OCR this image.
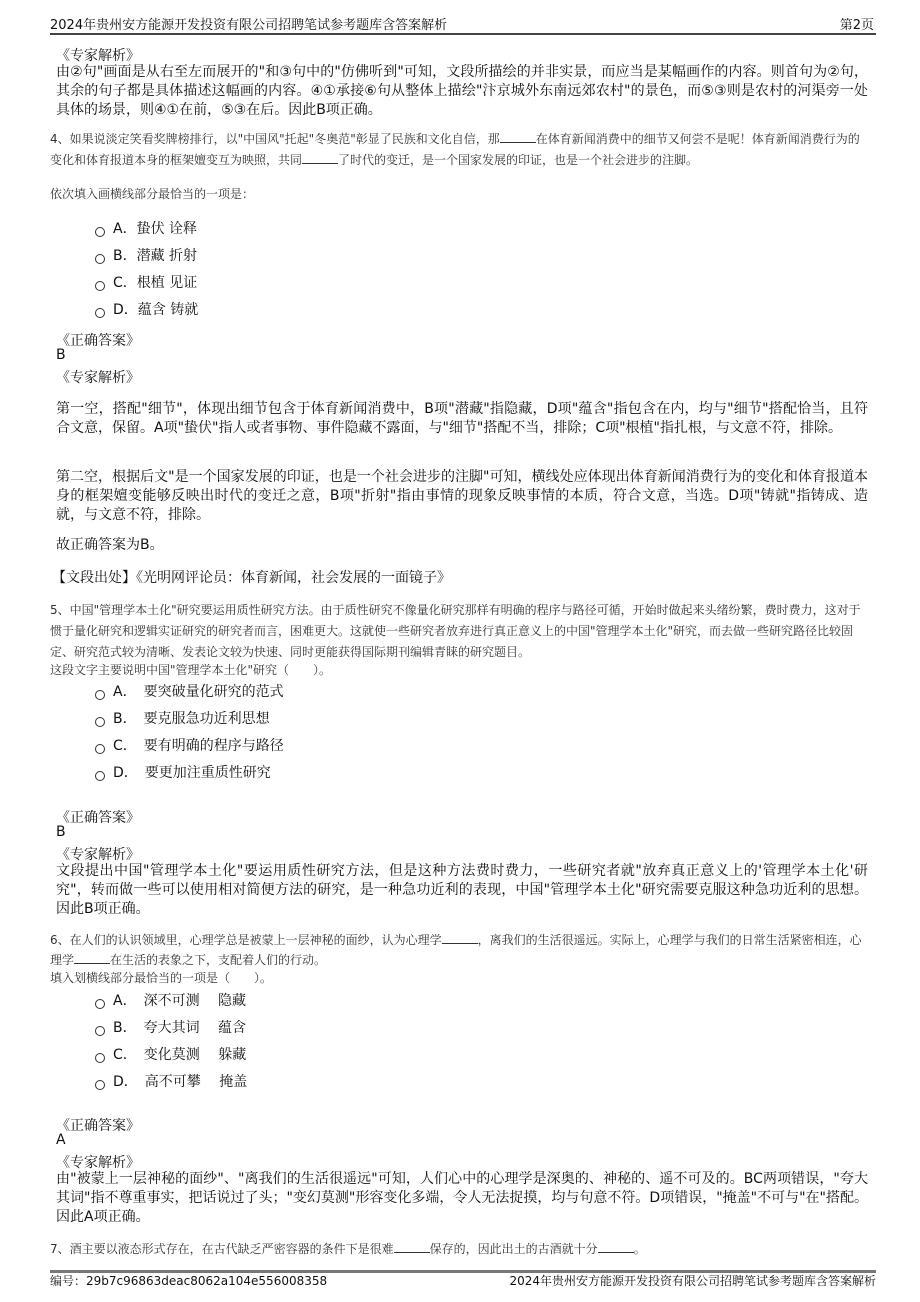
2024年贵州安方能源开发投资有限公司招聘笔试参考题库含答案解析	第2页
《专家解析》
由②句"画面是从右至左而展开的"和③句中的"仿佛听到"可知，文段所描绘的并非实景，而应当是某幅画作的内容。则首句为②句，其余的句子都是具体描述这幅画的内容。④①承接⑥句从整体上描绘"汴京城外东南远郊农村"的景色，而⑤③则是农村的河渠旁一处具体的场景，则④①在前，⑤③在后。因此B项正确。
4、如果说淡定笑看奖牌榜排行，以"中国风"托起"冬奥范"彰显了民族和文化自信，那	在体育新闻消费中的细节又何尝不是呢！体育新闻消费行为的变化和体育报道本身的框架嬗变互为映照，共同	了时代的变迁，是一个国家发展的印证，也是一个社会进步的注脚。
依次填入画横线部分最恰当的一项是：
A．蛰伏 诠释
B．潜藏 折射
C．根植 见证
D．蕴含 铸就
《正确答案》
B
《专家解析》
第一空，搭配"细节"，体现出细节包含于体育新闻消费中，B项"潜藏"指隐藏，D项"蕴含"指包含在内，均与"细节"搭配恰当，且符合文意，保留。A项"蛰伏"指人或者事物、事件隐藏不露面，与"细节"搭配不当，排除；C项"根植"指扎根，与文意不符，排除。
第二空，根据后文"是一个国家发展的印证，也是一个社会进步的注脚"可知，横线处应体现出体育新闻消费行为的变化和体育报道本身的框架嬗变能够反映出时代的变迁之意，B项"折射"指由事情的现象反映事情的本质，符合文意，当选。D项"铸就"指铸成、造就，与文意不符，排除。
故正确答案为B。
【文段出处】《光明网评论员：体育新闻，社会发展的一面镜子》
5、中国"管理学本土化"研究要运用质性研究方法。由于质性研究不像量化研究那样有明确的程序与路径可循，开始时做起来头绪纷繁，费时费力，这对于惯于量化研究和逻辑实证研究的研究者而言，困难更大。这就使一些研究者放弃进行真正意义上的中国"管理学本土化"研究，而去做一些研究路径比较固定、研究范式较为清晰、发表论文较为快速、同时更能获得国际期刊编辑青睐的研究题目。
这段文字主要说明中国"管理学本土化"研究（　　）。
A．　要突破量化研究的范式
B．　要克服急功近利思想
C．　要有明确的程序与路径
D．　要更加注重质性研究
《正确答案》
B
《专家解析》
文段提出中国"管理学本土化"要运用质性研究方法，但是这种方法费时费力，一些研究者就"放弃真正意义上的'管理学本土化'研究"，转而做一些可以使用相对简便方法的研究，是一种急功近利的表现，中国"管理学本土化"研究需要克服这种急功近利的思想。因此B项正确。
6、在人们的认识领域里，心理学总是被蒙上一层神秘的面纱，认为心理学	，离我们的生活很遥远。实际上，心理学与我们的日常生活紧密相连，心理学	在生活的表象之下，支配着人们的行动。
填入划横线部分最恰当的一项是（　　）。
A．　深不可测　 隐藏
B．　夸大其词　 蕴含
C．　变化莫测　 躲藏
D．　高不可攀　 掩盖
《正确答案》
A
《专家解析》
由"被蒙上一层神秘的面纱"、"离我们的生活很遥远"可知，人们心中的心理学是深奥的、神秘的、遥不可及的。BC两项错误，"夸大其词"指不尊重事实，把话说过了头；"变幻莫测"形容变化多端，令人无法捉摸，均与句意不符。D项错误，"掩盖"不可与"在"搭配。因此A项正确。
7、酒主要以液态形式存在，在古代缺乏严密容器的条件下是很难	保存的，因此出土的古酒就十分	。
编号：29b7c96863deac8062a104e556008358	2024年贵州安方能源开发投资有限公司招聘笔试参考题库含答案解析
